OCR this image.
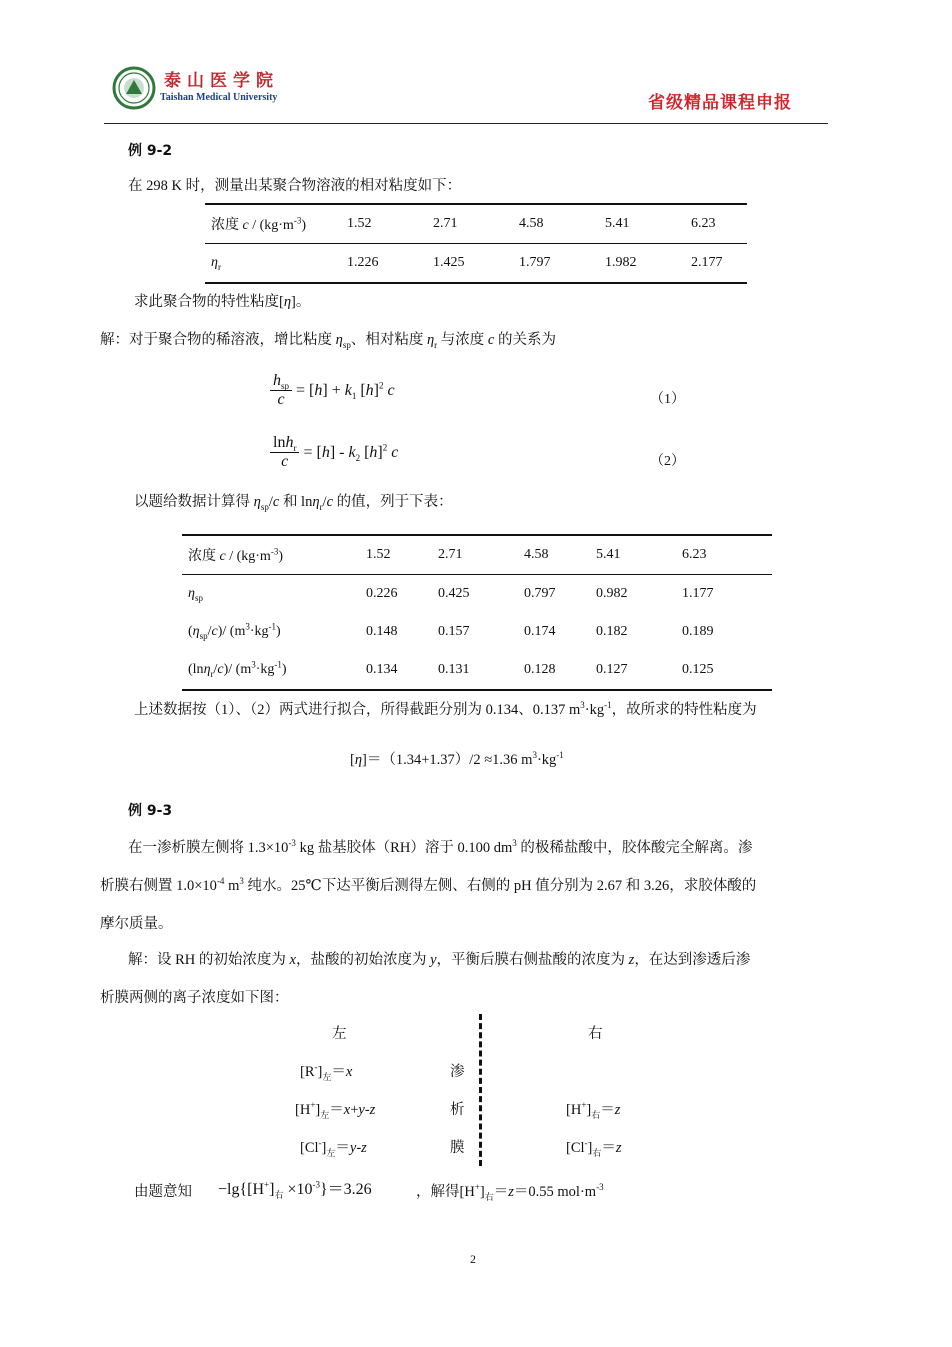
泰山医学院
Taishan Medical University	省级精品课程申报
例 9-2
在 298 K 时，测量出某聚合物溶液的相对粘度如下：
浓度 $c / (kg\cdot m^{-3})$	1.52	2.71	4.58	5.41	6.23
$\eta_r$	1.226	1.425	1.797	1.982	2.177
求此聚合物的特性粘度[η]。
解：对于聚合物的稀溶液，增比粘度 $\eta_{sp}$、相对粘度 $\eta_r$ 与浓度 c 的关系为
$h_{sp}$
c
= $[h] + k_1$ $[h]^2$ c
（1）
$\frac{\ln h_r}{c} = [h] - k_2$ $[h]^2$ c
（2）
以题给数据计算得 $\eta_{sp}/c$ 和 lnη$_r$/c 的值，列于下表：
浓度 $c / (kg\cdot m^{-3})$	1.52	2.71	4.58	5.41	6.23
$\eta_{sp}$	0.226	0.425	0.797	0.982	1.177
$(\eta_{sp}/c)/$ $(m^3\cdot kg^{-1})$	0.148	0.157	0.174	0.182	0.189
(lnη$_r$/c)/ $(m^3\cdot kg^{-1})$	0.134	0.131	0.128	0.127	0.125
上述数据按（1）、（2）两式进行拟合，所得截距分别为 0.134、0.137 $m^3\cdot kg^{-1}$，故所求的特性粘度为
[η]＝（1.34+1.37）/2 ≈1.36 $m^3\cdot kg^{-1}$
例 9-3
在一渗析膜左侧将 $1.3\times 10^{-3}$ kg 盐基胶体（RH）溶于 0.100 $dm^3$ 的极稀盐酸中，胶体酸完全解离。渗
析膜右侧置 $1.0\times 10^{-4}$ $m^3$ 纯水。25℃下达平衡后测得左侧、右侧的 pH 值分别为 2.67 和 3.26，求胶体酸的
摩尔质量。
解：设 RH 的初始浓度为 x，盐酸的初始浓度为 y，平衡后膜右侧盐酸的浓度为 z，在达到渗透后渗
析膜两侧的离子浓度如下图：
左	右
渗
析
膜
$[R^-]_左=x$
$[H^+]_左=x+y-z$
$[Cl^-]_左=y-z$
$[H^+]_右=z$
$[Cl^-]_右=z$
由题意知 $-\lg\{[H^+]_右 \times 10^{-3}\}=3.26$	，解得$[H^+]_右=z=0.55$ $mol\cdot m^{-3}$
2
